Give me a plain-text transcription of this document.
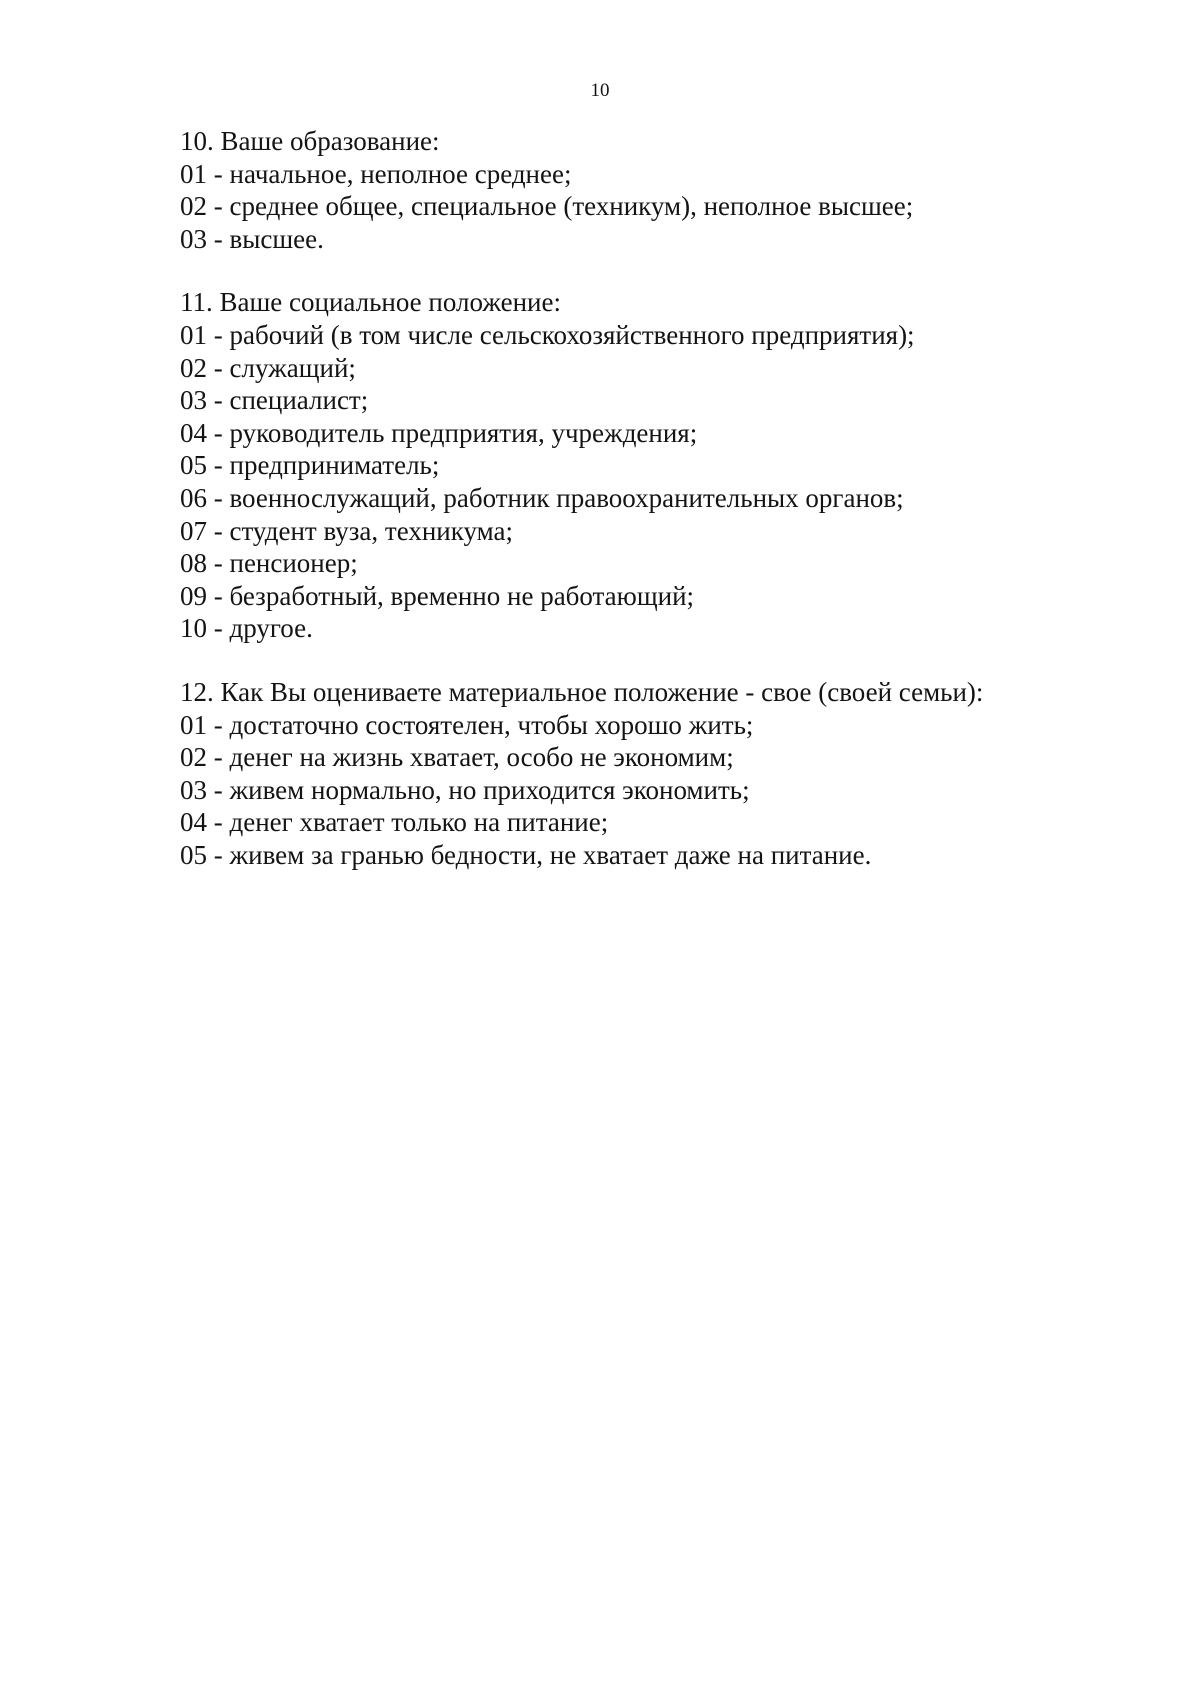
10
10. Ваше образование:
01 - начальное, неполное среднее;
02 - среднее общее, специальное (техникум), неполное высшее;
03 - высшее.
11. Ваше социальное положение:
01 - рабочий (в том числе сельскохозяйственного предприятия);
02 - служащий;
03 - специалист;
04 - руководитель предприятия, учреждения;
05 - предприниматель;
06 - военнослужащий, работник правоохранительных органов;
07 - студент вуза, техникума;
08 - пенсионер;
09 - безработный, временно не работающий;
10 - другое.
12. Как Вы оцениваете материальное положение - свое (своей семьи):
01 - достаточно состоятелен, чтобы хорошо жить;
02 - денег на жизнь хватает, особо не экономим;
03 - живем нормально, но приходится экономить;
04 - денег хватает только на питание;
05 - живем за гранью бедности, не хватает даже на питание.
